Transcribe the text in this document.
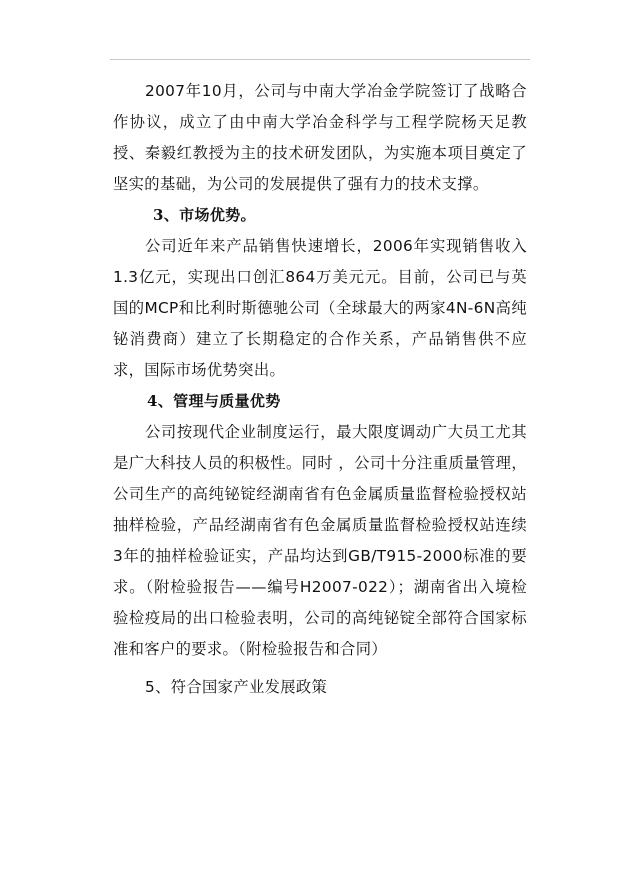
2007年10月，公司与中南大学冶金学院签订了战略合作协议，成立了由中南大学冶金科学与工程学院杨天足教授、秦毅红教授为主的技术研发团队，为实施本项目奠定了坚实的基础，为公司的发展提供了强有力的技术支撑。

3、市场优势。

公司近年来产品销售快速增长，2006年实现销售收入1.3亿元，实现出口创汇864万美元元。目前，公司已与英国的MCP和比利时斯德驰公司（全球最大的两家4N-6N高纯铋消费商）建立了长期稳定的合作关系，产品销售供不应求，国际市场优势突出。

4、管理与质量优势

公司按现代企业制度运行，最大限度调动广大员工尤其是广大科技人员的积极性。同时 ，公司十分注重质量管理，公司生产的高纯铋锭经湖南省有色金属质量监督检验授权站抽样检验，产品经湖南省有色金属质量监督检验授权站连续3年的抽样检验证实，产品均达到GB/T915-2000标准的要求。（附检验报告——编号H2007-022）；湖南省出入境检验检疫局的出口检验表明，公司的高纯铋锭全部符合国家标准和客户的要求。（附检验报告和合同）

5、符合国家产业发展政策
